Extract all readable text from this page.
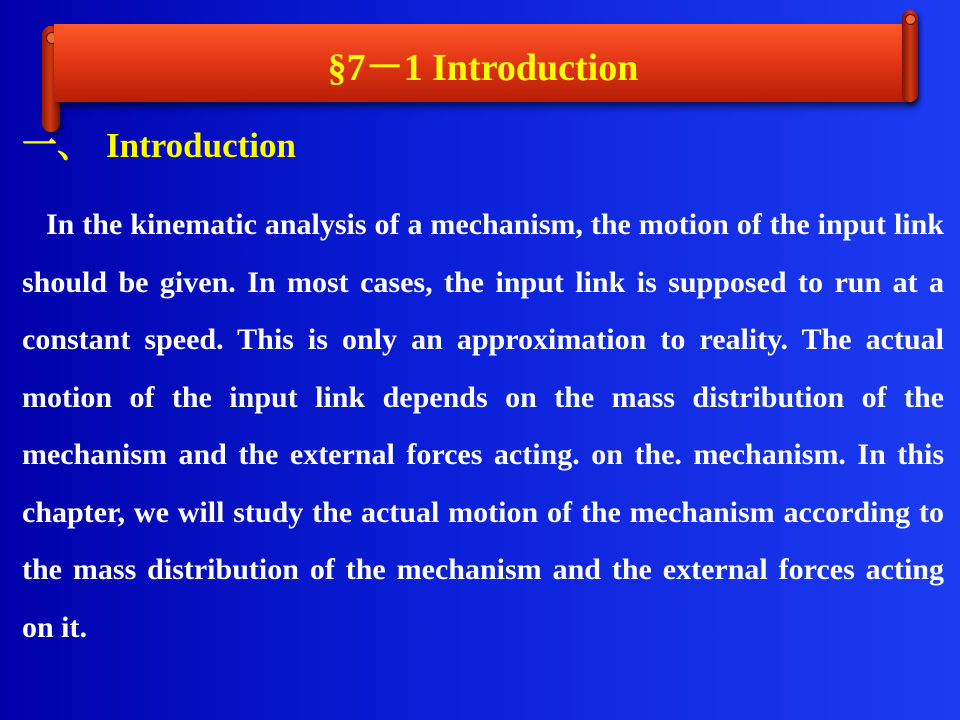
§7－1 Introduction
一、 Introduction

In the kinematic analysis of a mechanism, the motion of the input link should be given. In most cases, the input link is supposed to run at a constant speed. This is only an approximation to reality. The actual motion of the input link depends on the mass distribution of the mechanism and the external forces acting. on the. mechanism. In this chapter, we will study the actual motion of the mechanism according to the mass distribution of the mechanism and the external forces acting on it.
